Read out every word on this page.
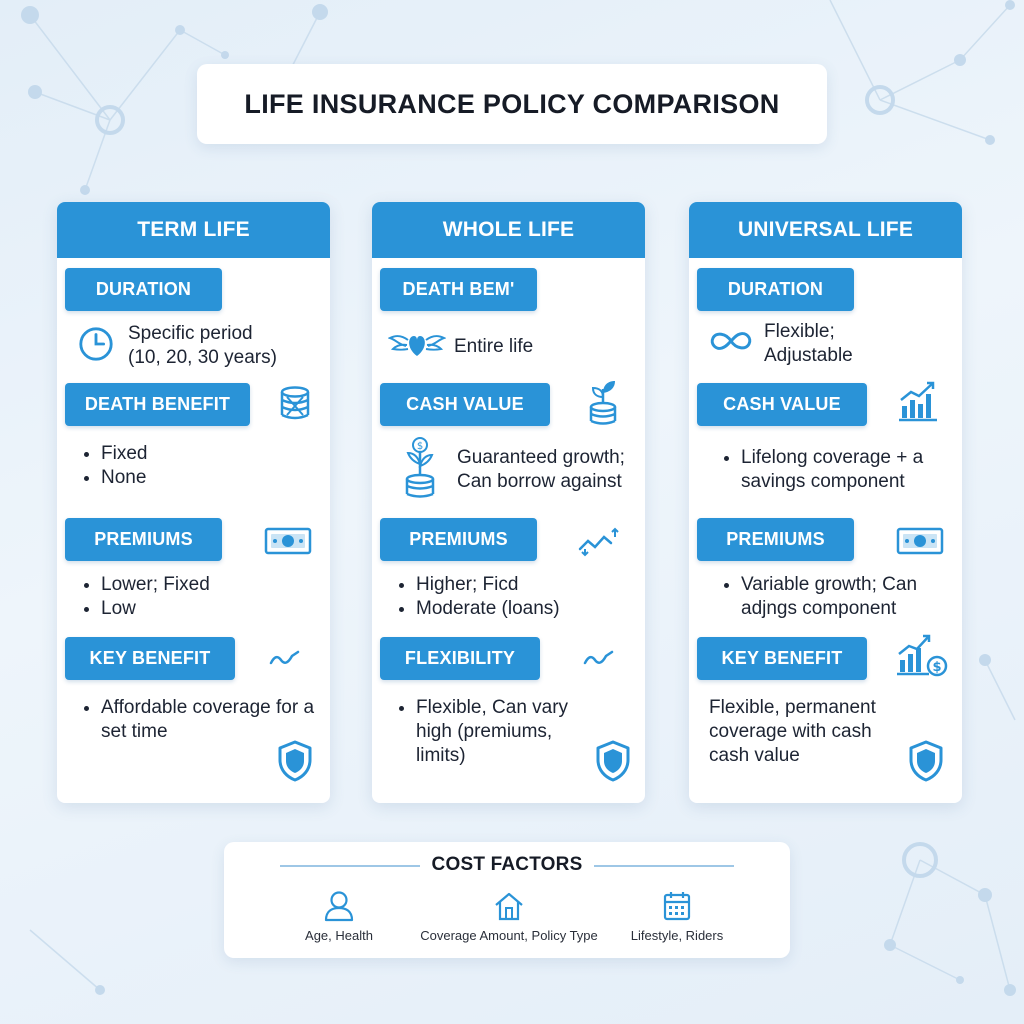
LIFE INSURANCE POLICY COMPARISON
TERM LIFE
DURATION
Specific period
(10, 20, 30 years)
DEATH BENEFIT
Fixed
None
PREMIUMS
Lower; Fixed
Low
KEY BENEFIT
Affordable coverage for a set time
WHOLE LIFE
DEATH BEM'
Entire life
CASH VALUE
$
Guaranteed growth;
Can borrow against
PREMIUMS
Higher; Ficd
Moderate (loans)
FLEXIBILITY
Flexible, Can vary high (premiums, limits)
UNIVERSAL LIFE
DURATION
Flexible;
Adjustable
CASH VALUE
Lifelong coverage + a savings component
PREMIUMS
Variable growth; Can adjngs component
KEY BENEFIT	$
Flexible, permanent
coverage with cash
cash value
COST FACTORS
Age, Health	Coverage Amount, Policy Type	Lifestyle, Riders
